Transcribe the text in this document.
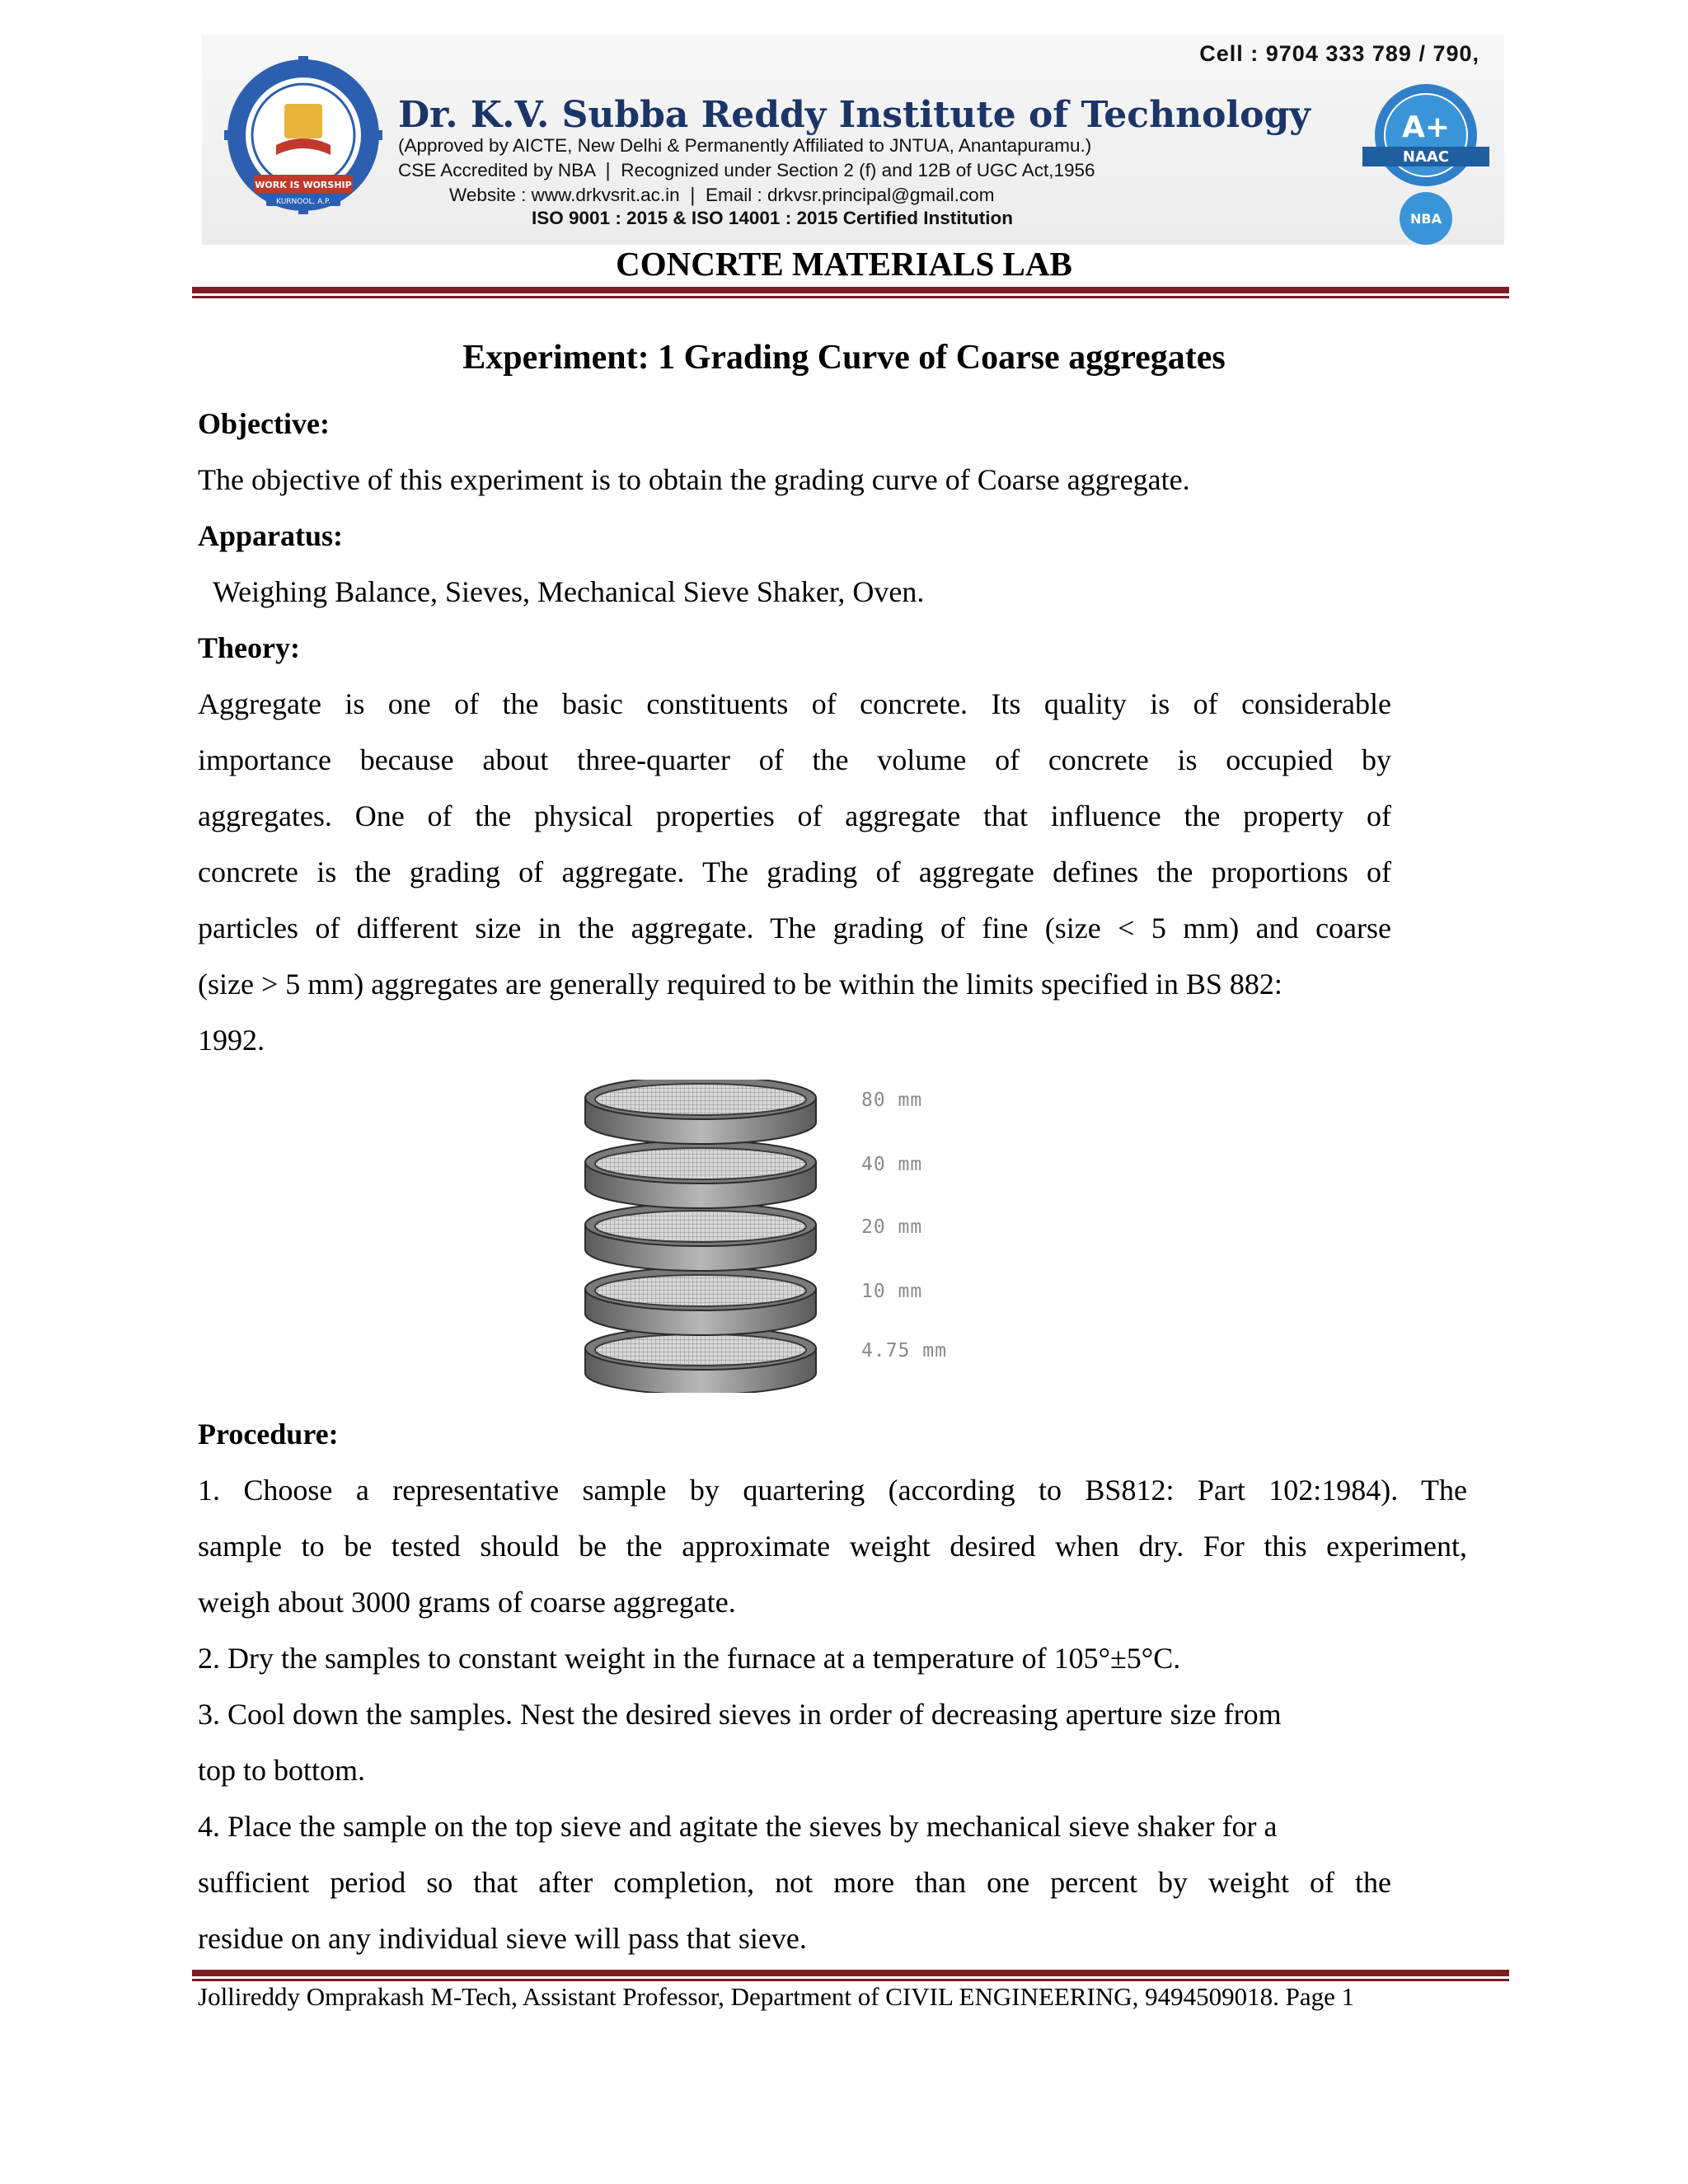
Cell : 9704 333 789 / 790,
WORK IS WORSHIP
KURNOOL, A.P.
Dr. K.V. Subba Reddy Institute of Technology
(Approved by AICTE, New Delhi & Permanently Affiliated to JNTUA, Anantapuramu.)
CSE Accredited by NBA ❘ Recognized under Section 2 (f) and 12B of UGC Act,1956
Website : www.drkvsrit.ac.in ❘ Email : drkvsr.principal@gmail.com
ISO 9001 : 2015 & ISO 14001 : 2015 Certified Institution
A+
NAAC
NBA
CONCRTE MATERIALS LAB
Experiment: 1 Grading Curve of Coarse aggregates
Objective:
The objective of this experiment is to obtain the grading curve of Coarse aggregate.
Apparatus:
Weighing Balance, Sieves, Mechanical Sieve Shaker, Oven.
Theory:
Aggregate is one of the basic constituents of concrete. Its quality is of considerable
importance because about three-quarter of the volume of concrete is occupied by
aggregates. One of the physical properties of aggregate that influence the property of
concrete is the grading of aggregate. The grading of aggregate defines the proportions of
particles of different size in the aggregate. The grading of fine (size < 5 mm) and coarse
(size > 5 mm) aggregates are generally required to be within the limits specified in BS 882:
1992.
80 mm
40 mm
20 mm
10 mm
4.75 mm
Procedure:
1. Choose a representative sample by quartering (according to BS812: Part 102:1984). The
sample to be tested should be the approximate weight desired when dry. For this experiment,
weigh about 3000 grams of coarse aggregate.
2. Dry the samples to constant weight in the furnace at a temperature of 105°±5°C.
3. Cool down the samples. Nest the desired sieves in order of decreasing aperture size from
top to bottom.
4. Place the sample on the top sieve and agitate the sieves by mechanical sieve shaker for a
sufficient period so that after completion, not more than one percent by weight of the
residue on any individual sieve will pass that sieve.
Jollireddy Omprakash M-Tech, Assistant Professor, Department of CIVIL ENGINEERING, 9494509018. Page 1
